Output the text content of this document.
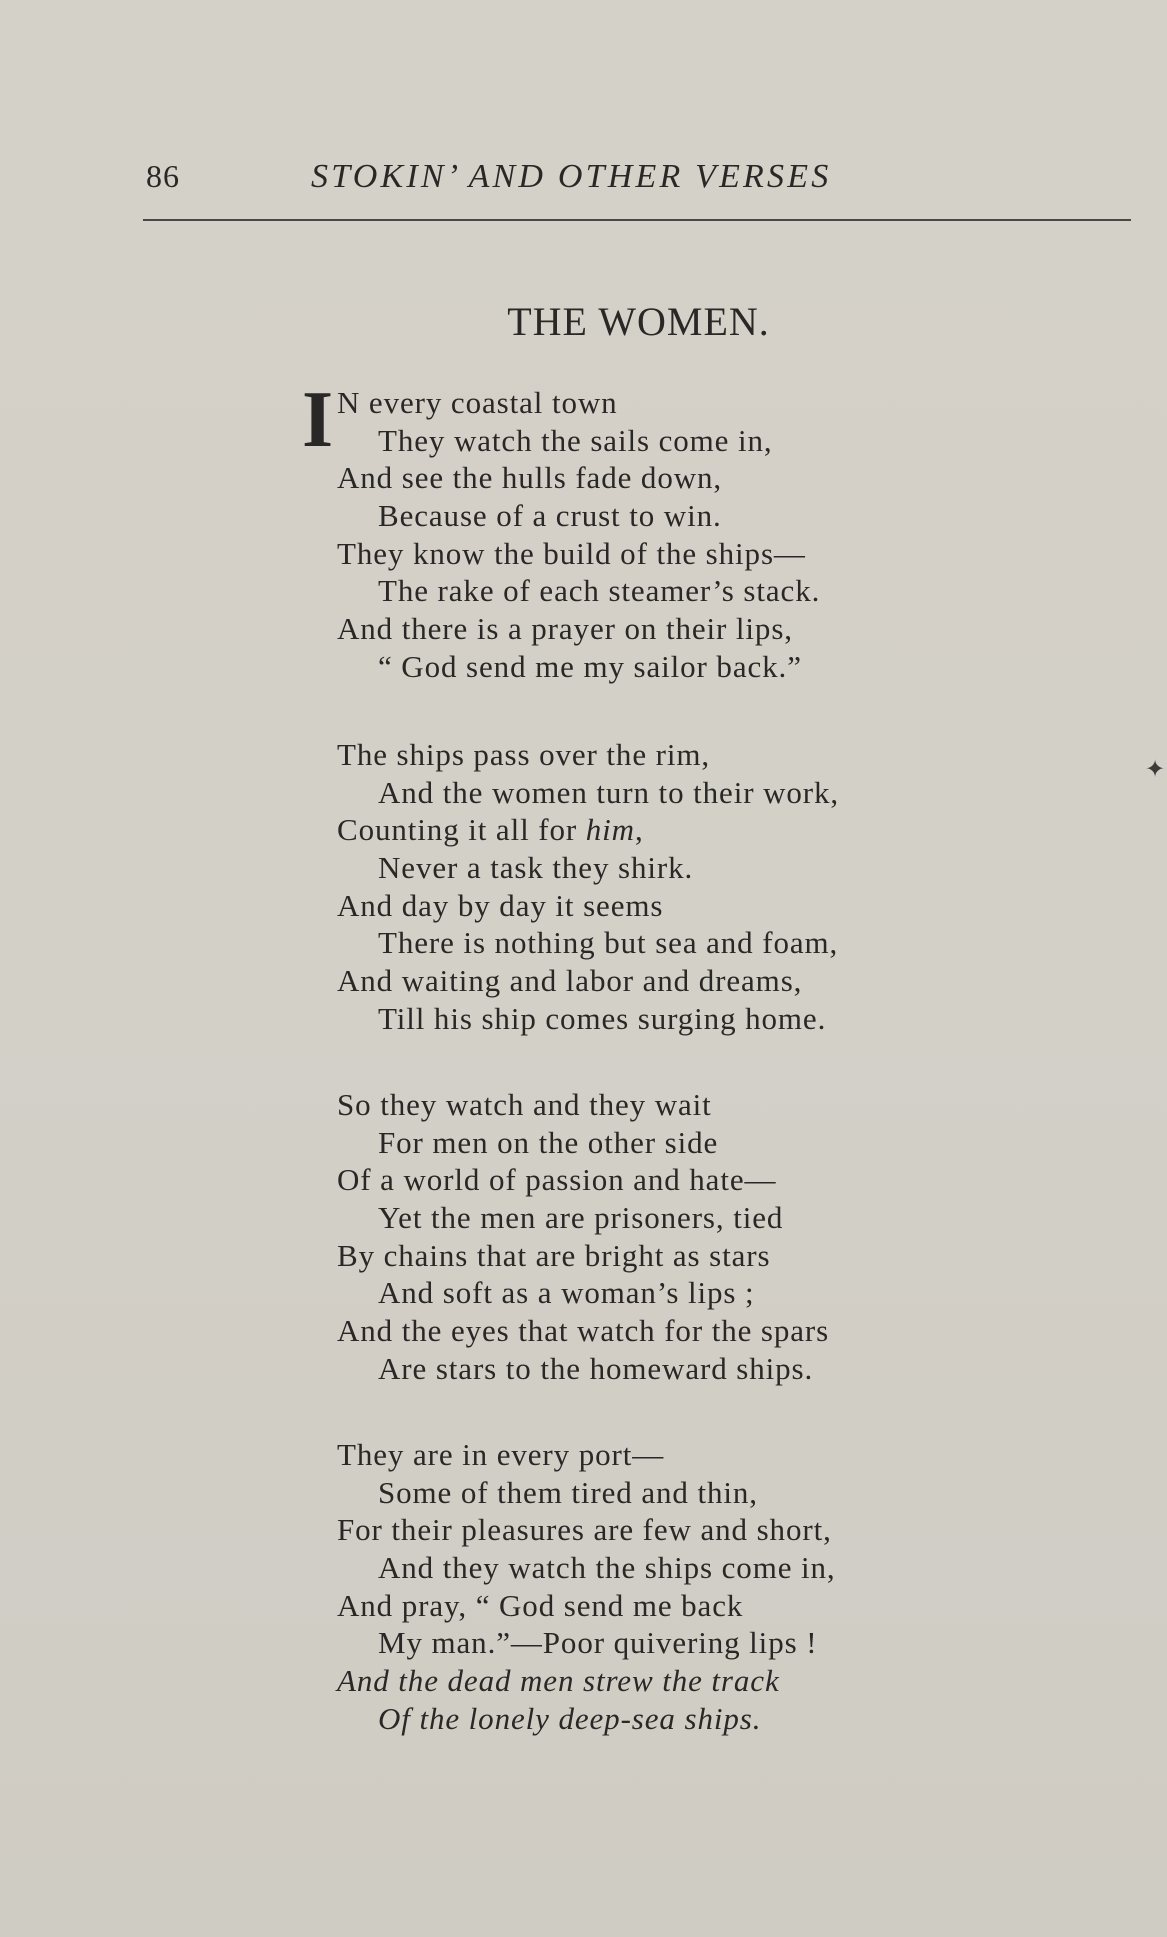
86	STOKIN’ AND OTHER VERSES
THE WOMEN.
I N every coastal town
They watch the sails come in,
And see the hulls fade down,
Because of a crust to win.
They know the build of the ships—
The rake of each steamer’s stack.
And there is a prayer on their lips,
“ God send me my sailor back.”
The ships pass over the rim,
And the women turn to their work,
Counting it all for him,
Never a task they shirk.
And day by day it seems
There is nothing but sea and foam,
And waiting and labor and dreams,
Till his ship comes surging home.
So they watch and they wait
For men on the other side
Of a world of passion and hate—
Yet the men are prisoners, tied
By chains that are bright as stars
And soft as a woman’s lips ;
And the eyes that watch for the spars
Are stars to the homeward ships.
They are in every port—
Some of them tired and thin,
For their pleasures are few and short,
And they watch the ships come in,
And pray, “ God send me back
My man.”—Poor quivering lips !
And the dead men strew the track
Of the lonely deep-sea ships.
✦
